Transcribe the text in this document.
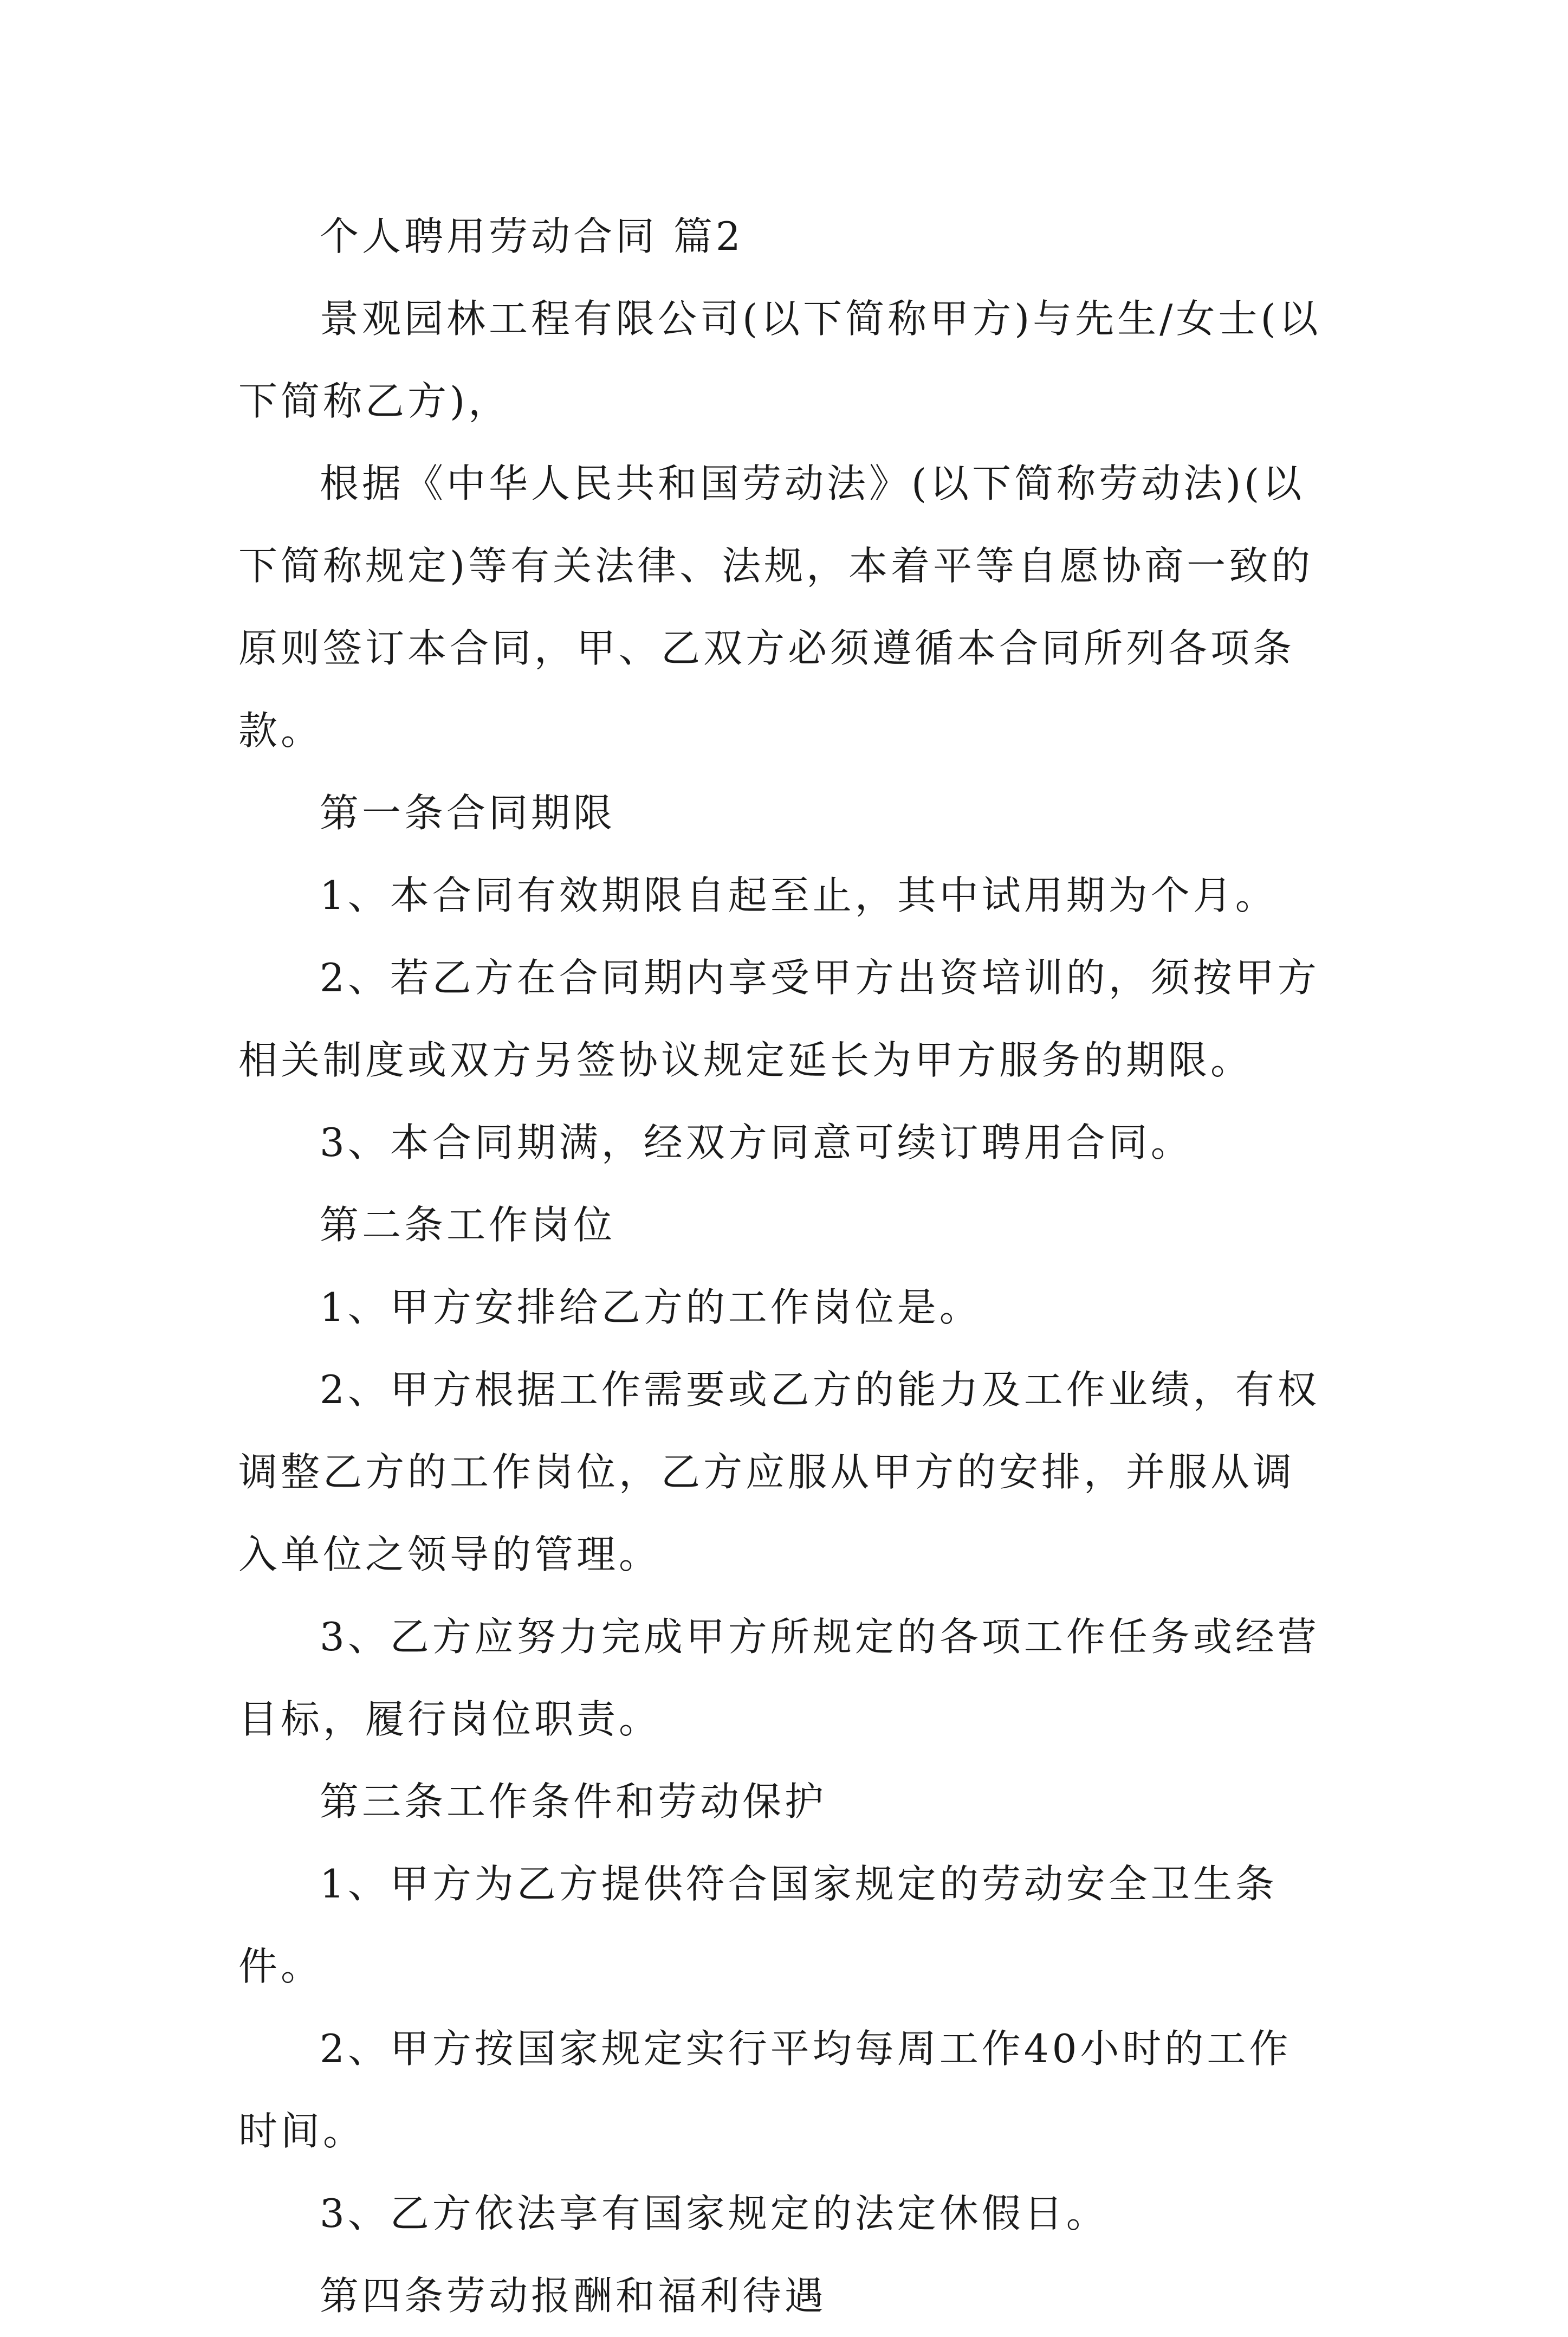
个人聘用劳动合同 篇2

景观园林工程有限公司(以下简称甲方)与先生/女士(以下简称乙方)，

根据《中华人民共和国劳动法》(以下简称劳动法)(以下简称规定)等有关法律、法规，本着平等自愿协商一致的原则签订本合同，甲、乙双方必须遵循本合同所列各项条款。

第一条合同期限

1、本合同有效期限自起至止，其中试用期为个月。

2、若乙方在合同期内享受甲方出资培训的，须按甲方相关制度或双方另签协议规定延长为甲方服务的期限。

3、本合同期满，经双方同意可续订聘用合同。

第二条工作岗位

1、甲方安排给乙方的工作岗位是。

2、甲方根据工作需要或乙方的能力及工作业绩，有权调整乙方的工作岗位，乙方应服从甲方的安排，并服从调入单位之领导的管理。

3、乙方应努力完成甲方所规定的各项工作任务或经营目标，履行岗位职责。

第三条工作条件和劳动保护

1、甲方为乙方提供符合国家规定的劳动安全卫生条件。

2、甲方按国家规定实行平均每周工作40小时的工作时间。

3、乙方依法享有国家规定的法定休假日。

第四条劳动报酬和福利待遇
